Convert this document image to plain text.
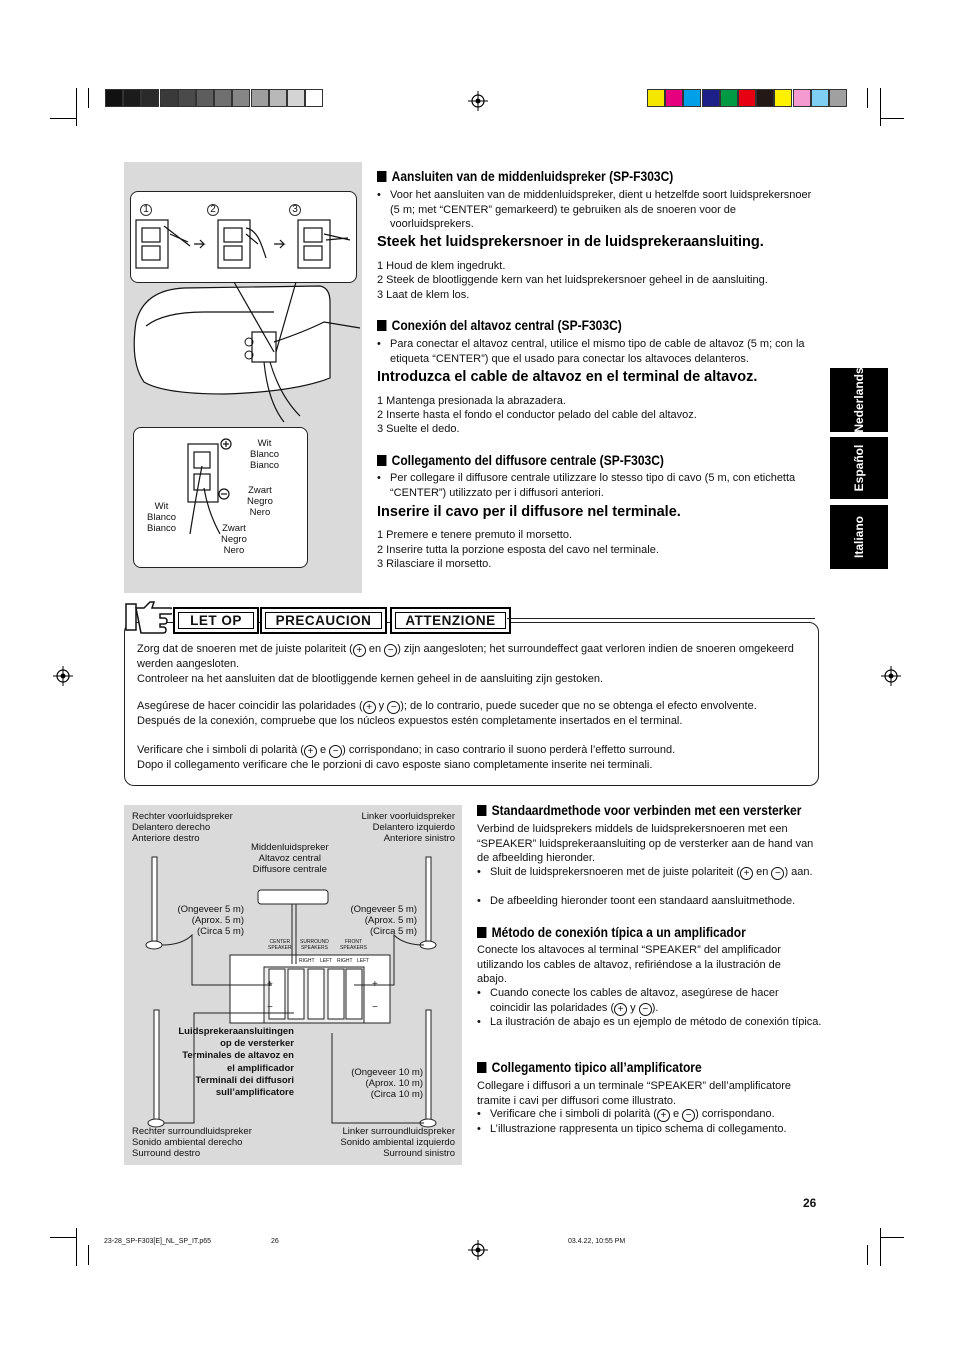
Nederlands
Español
Italiano
1	2	3
Wit
Blanco
Bianco
Zwart
Negro
Nero
Wit
Blanco
Bianco	Zwart
Negro
Nero
Aansluiten van de middenluidspreker (SP-F303C)
• Voor het aansluiten van de middenluidspreker, dient u hetzelfde soort luidsprekersnoer (5 m; met “CENTER” gemarkeerd) te gebruiken als de snoeren voor de voorluidsprekers.
Steek het luidsprekersnoer in de luidsprekeraansluiting.
1 Houd de klem ingedrukt.
2 Steek de blootliggende kern van het luidsprekersnoer geheel in de aansluiting.
3 Laat de klem los.
Conexión del altavoz central (SP-F303C)
• Para conectar el altavoz central, utilice el mismo tipo de cable de altavoz (5 m; con la etiqueta “CENTER”) que el usado para conectar los altavoces delanteros.
Introduzca el cable de altavoz en el terminal de altavoz.
1 Mantenga presionada la abrazadera.
2 Inserte hasta el fondo el conductor pelado del cable del altavoz.
3 Suelte el dedo.
Collegamento del diffusore centrale (SP-F303C)
• Per collegare il diffusore centrale utilizzare lo stesso tipo di cavo (5 m, con etichetta “CENTER”) utilizzato per i diffusori anteriori.
Inserire il cavo per il diffusore nel terminale.
1 Premere e tenere premuto il morsetto.
2 Inserire tutta la porzione esposta del cavo nel terminale.
3 Rilasciare il morsetto.
LET OP	PRECAUCION	ATTENZIONE
Zorg dat de snoeren met de juiste polariteit ( + en − ) zijn aangesloten; het surroundeffect gaat verloren indien de snoeren omgekeerd werden aangesloten.
Controleer na het aansluiten dat de blootliggende kernen geheel in de aansluiting zijn gestoken.
Asegúrese de hacer coincidir las polaridades ( + y − ); de lo contrario, puede suceder que no se obtenga el efecto envolvente.
Después de la conexión, compruebe que los núcleos expuestos estén completamente insertados en el terminal.
Verificare che i simboli di polarità ( + e − ) corrispondano; in caso contrario il suono perderà l’effetto surround.
Dopo il collegamento verificare che le porzioni di cavo esposte siano completamente inserite nei terminali.
+	+
−	−
Rechter voorluidspreker
Delantero derecho
Anteriore destro
Linker voorluidspreker
Delantero izquierdo
Anteriore sinistro
Middenluidspreker
Altavoz central
Diffusore centrale
(Ongeveer 5 m)
(Aprox. 5 m)
(Circa 5 m)
(Ongeveer 5 m)
(Aprox. 5 m)
(Circa 5 m)
CENTER
SPEAKER
SURROUND
SPEAKERS
FRONT
SPEAKERS
RIGHT LEFT RIGHT LEFT
Luidsprekeraansluitingen
op de versterker
Terminales de altavoz en
el amplificador
Terminali dei diffusori
sull’amplificatore
(Ongeveer 10 m)
(Aprox. 10 m)
(Circa 10 m)
Rechter surroundluidspreker
Sonido ambiental derecho
Surround destro
Linker surroundluidspreker
Sonido ambiental izquierdo
Surround sinistro
Standaardmethode voor verbinden met een versterker
Verbind de luidsprekers middels de luidsprekersnoeren met een “SPEAKER” luidsprekeraansluiting op de versterker aan de hand van de afbeelding hieronder.
• Sluit de luidsprekersnoeren met de juiste polariteit ( + en − ) aan.
• De afbeelding hieronder toont een standaard aansluitmethode.
Método de conexión típica a un amplificador
Conecte los altavoces al terminal “SPEAKER” del amplificador utilizando los cables de altavoz, refiriéndose a la ilustración de abajo.
• Cuando conecte los cables de altavoz, asegúrese de hacer coincidir las polaridades ( + y − ).
• La ilustración de abajo es un ejemplo de método de conexión típica.
Collegamento tipico all’amplificatore
Collegare i diffusori a un terminale “SPEAKER” dell’amplificatore tramite i cavi per diffusori come illustrato.
• Verificare che i simboli di polarità ( + e − ) corrispondano.
• L’illustrazione rappresenta un tipico schema di collegamento.
26
23-28_SP-F303[E]_NL_SP_IT.p65	26	03.4.22, 10:55 PM
